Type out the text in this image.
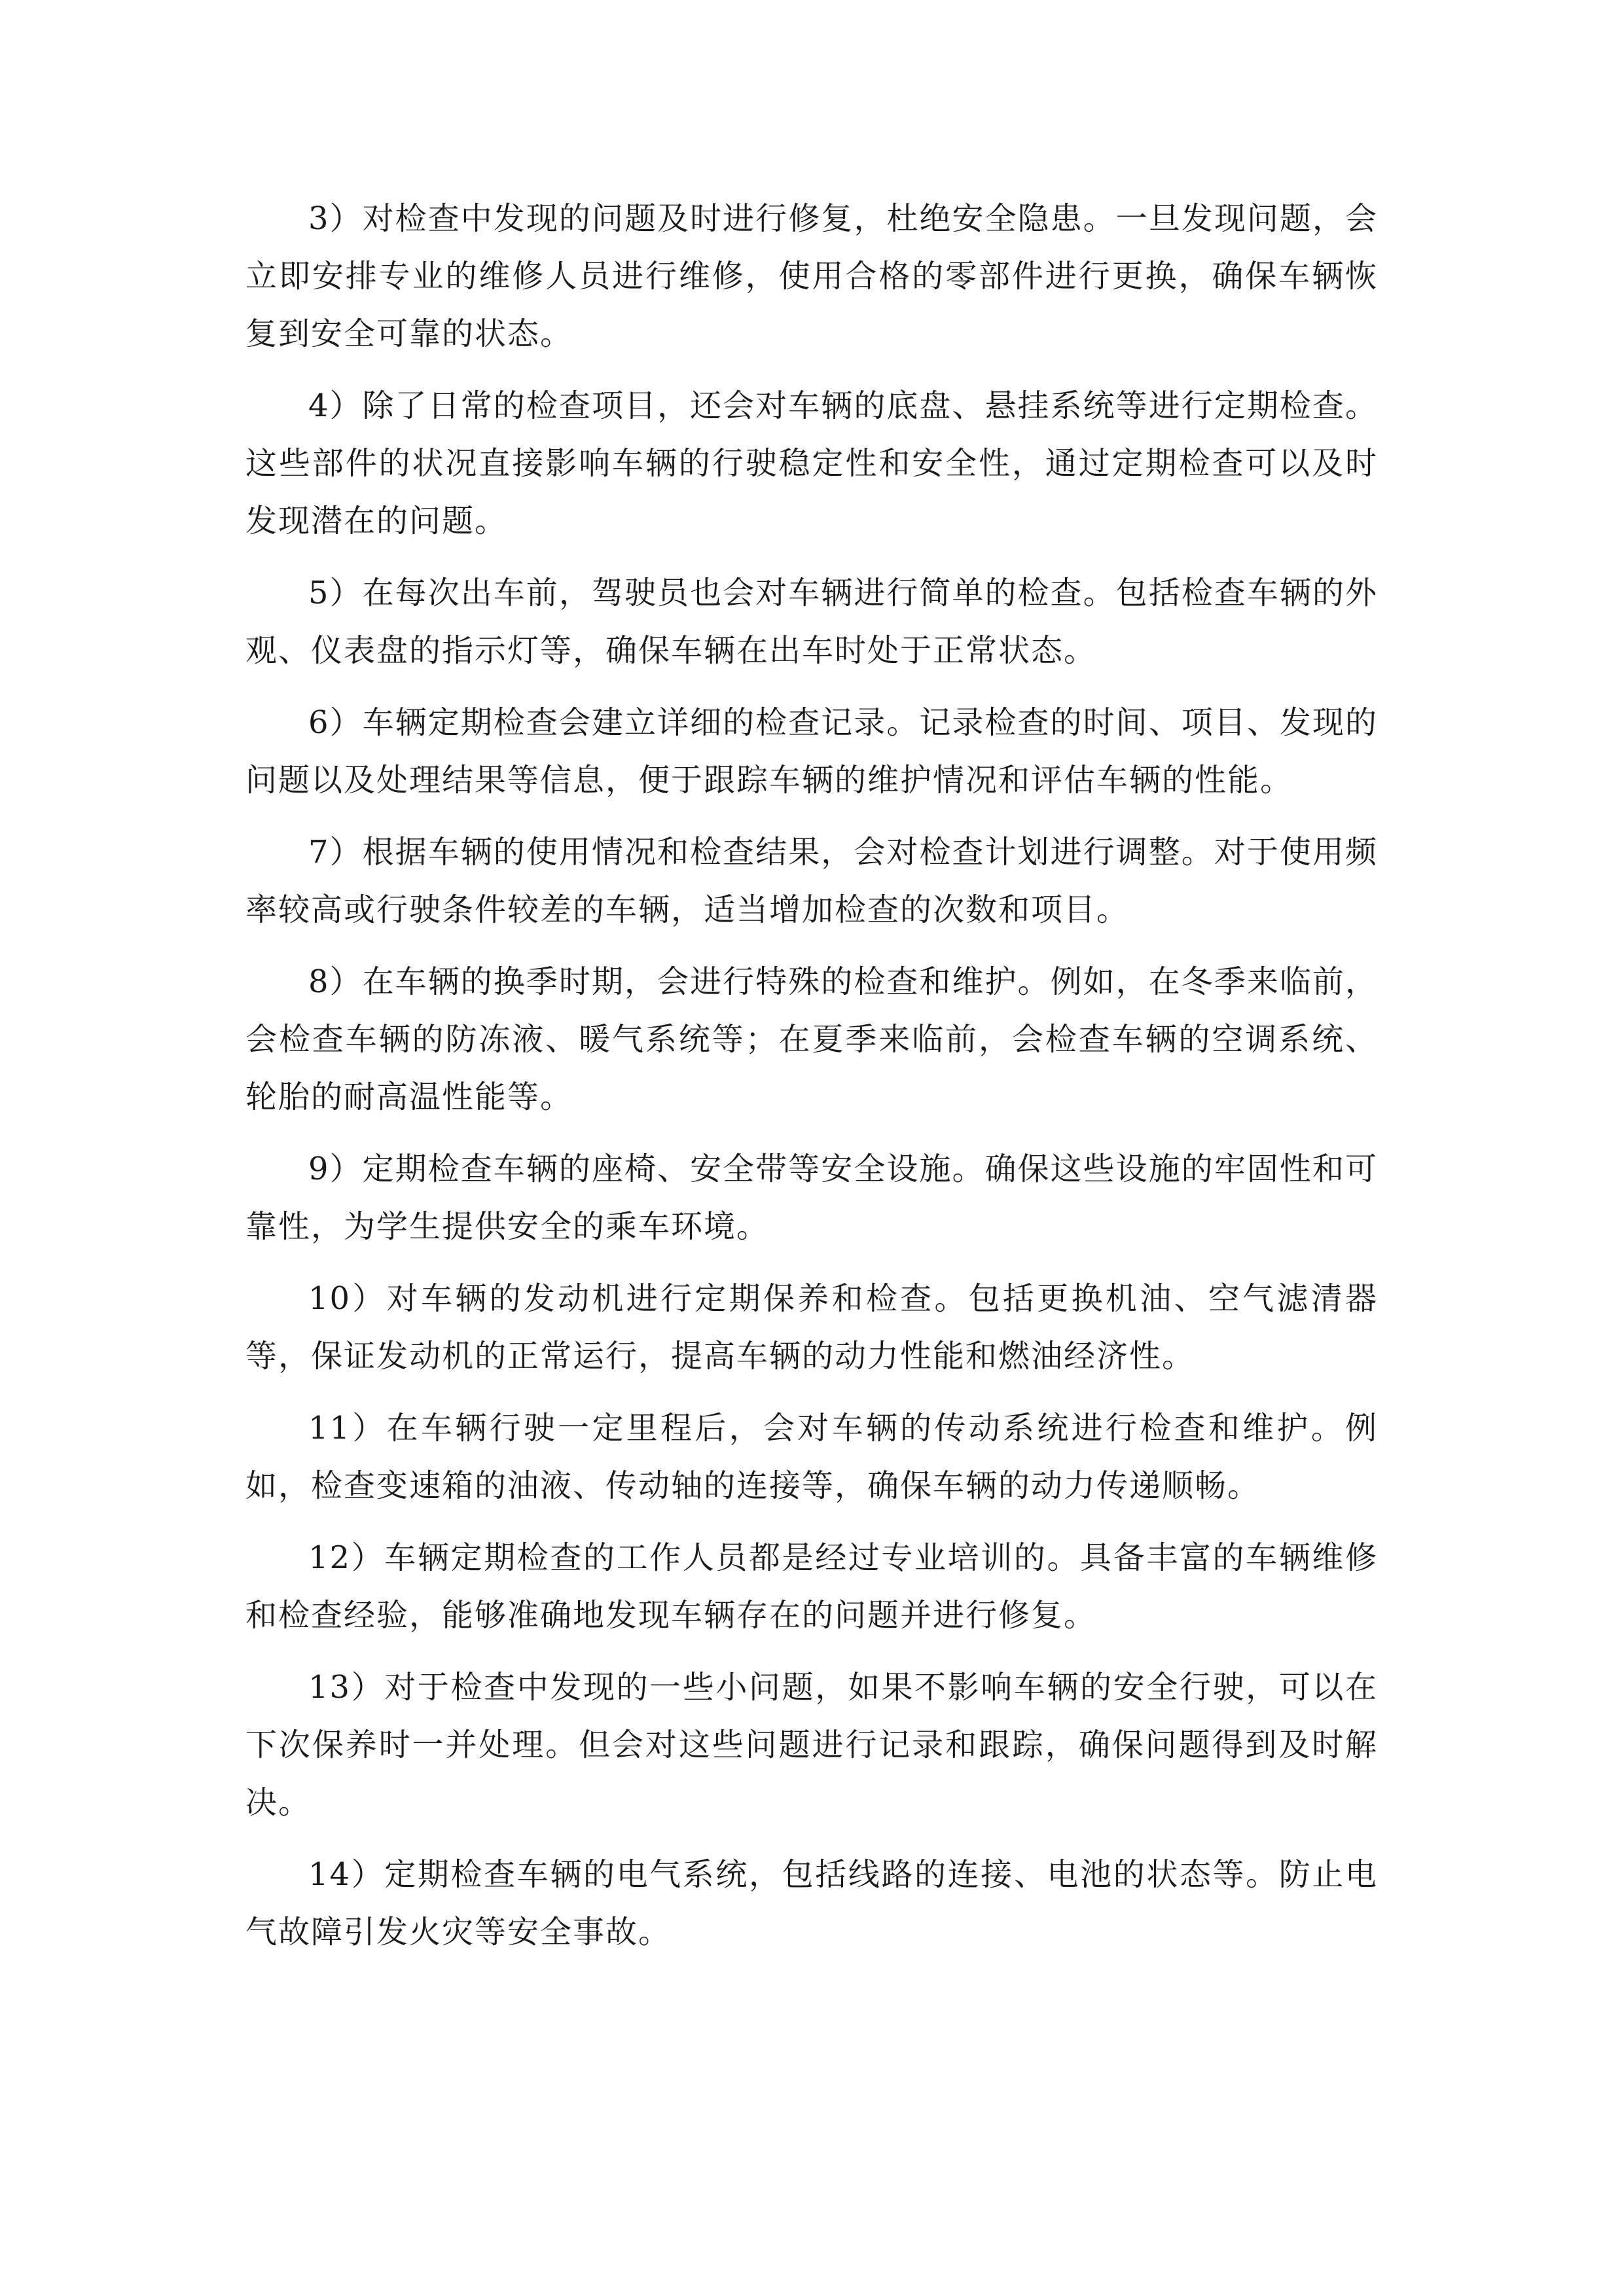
3）对检查中发现的问题及时进行修复，杜绝安全隐患。一旦发现问题，会立即安排专业的维修人员进行维修，使用合格的零部件进行更换，确保车辆恢复到安全可靠的状态。

4）除了日常的检查项目，还会对车辆的底盘、悬挂系统等进行定期检查。这些部件的状况直接影响车辆的行驶稳定性和安全性，通过定期检查可以及时发现潜在的问题。

5）在每次出车前，驾驶员也会对车辆进行简单的检查。包括检查车辆的外观、仪表盘的指示灯等，确保车辆在出车时处于正常状态。

6）车辆定期检查会建立详细的检查记录。记录检查的时间、项目、发现的问题以及处理结果等信息，便于跟踪车辆的维护情况和评估车辆的性能。

7）根据车辆的使用情况和检查结果，会对检查计划进行调整。对于使用频率较高或行驶条件较差的车辆，适当增加检查的次数和项目。

8）在车辆的换季时期，会进行特殊的检查和维护。例如，在冬季来临前，会检查车辆的防冻液、暖气系统等；在夏季来临前，会检查车辆的空调系统、轮胎的耐高温性能等。

9）定期检查车辆的座椅、安全带等安全设施。确保这些设施的牢固性和可靠性，为学生提供安全的乘车环境。

10）对车辆的发动机进行定期保养和检查。包括更换机油、空气滤清器等，保证发动机的正常运行，提高车辆的动力性能和燃油经济性。

11）在车辆行驶一定里程后，会对车辆的传动系统进行检查和维护。例如，检查变速箱的油液、传动轴的连接等，确保车辆的动力传递顺畅。

12）车辆定期检查的工作人员都是经过专业培训的。具备丰富的车辆维修和检查经验，能够准确地发现车辆存在的问题并进行修复。

13）对于检查中发现的一些小问题，如果不影响车辆的安全行驶，可以在下次保养时一并处理。但会对这些问题进行记录和跟踪，确保问题得到及时解决。

14）定期检查车辆的电气系统，包括线路的连接、电池的状态等。防止电气故障引发火灾等安全事故。
